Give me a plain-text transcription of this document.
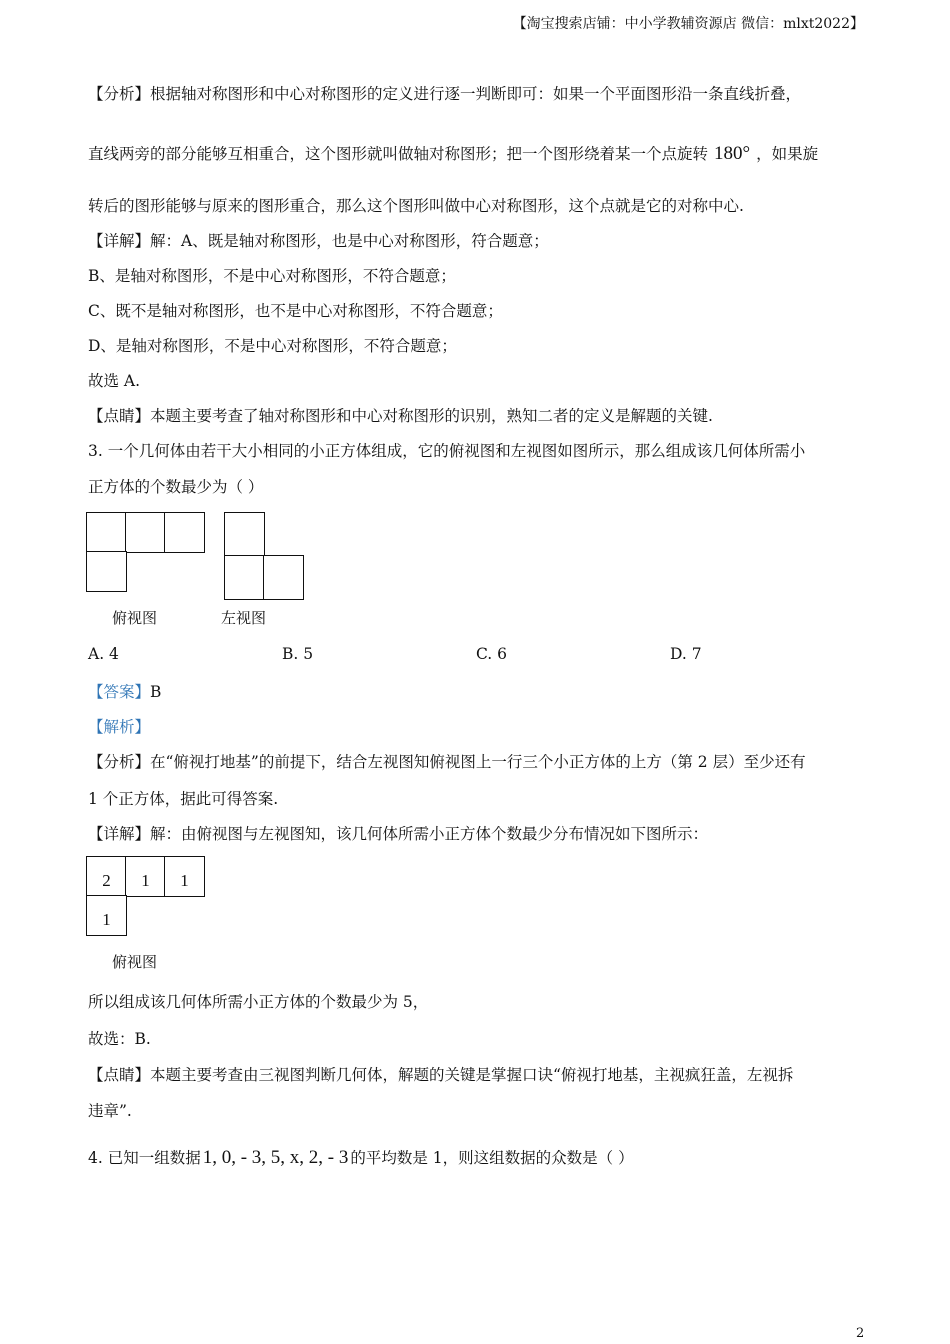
【淘宝搜索店铺：中小学教辅资源店 微信：mlxt2022】
【分析】根据轴对称图形和中心对称图形的定义进行逐一判断即可：如果一个平面图形沿一条直线折叠，
直线两旁的部分能够互相重合，这个图形就叫做轴对称图形；把一个图形绕着某一个点旋转 180° ，如果旋
转后的图形能够与原来的图形重合，那么这个图形叫做中心对称图形，这个点就是它的对称中心.
【详解】解：A、既是轴对称图形，也是中心对称图形，符合题意；
B、是轴对称图形，不是中心对称图形，不符合题意；
C、既不是轴对称图形，也不是中心对称图形，不符合题意；
D、是轴对称图形，不是中心对称图形，不符合题意；
故选 A.
【点睛】本题主要考查了轴对称图形和中心对称图形的识别，熟知二者的定义是解题的关键.
3. 一个几何体由若干大小相同的小正方体组成，它的俯视图和左视图如图所示，那么组成该几何体所需小
正方体的个数最少为（ ）
俯视图	左视图
A. 4	B. 5	C. 6	D. 7
【答案】B
【解析】
【分析】在“俯视打地基”的前提下，结合左视图知俯视图上一行三个小正方体的上方（第 2 层）至少还有
1 个正方体，据此可得答案.
【详解】解：由俯视图与左视图知，该几何体所需小正方体个数最少分布情况如下图所示：
2	1	1
1
俯视图
所以组成该几何体所需小正方体的个数最少为 5，
故选：B.
【点睛】本题主要考查由三视图判断几何体，解题的关键是掌握口诀“俯视打地基，主视疯狂盖，左视拆
违章”.
4. 已知一组数据 1, 0, - 3, 5, x, 2, - 3 的平均数是 1，则这组数据的众数是（ ）
2
